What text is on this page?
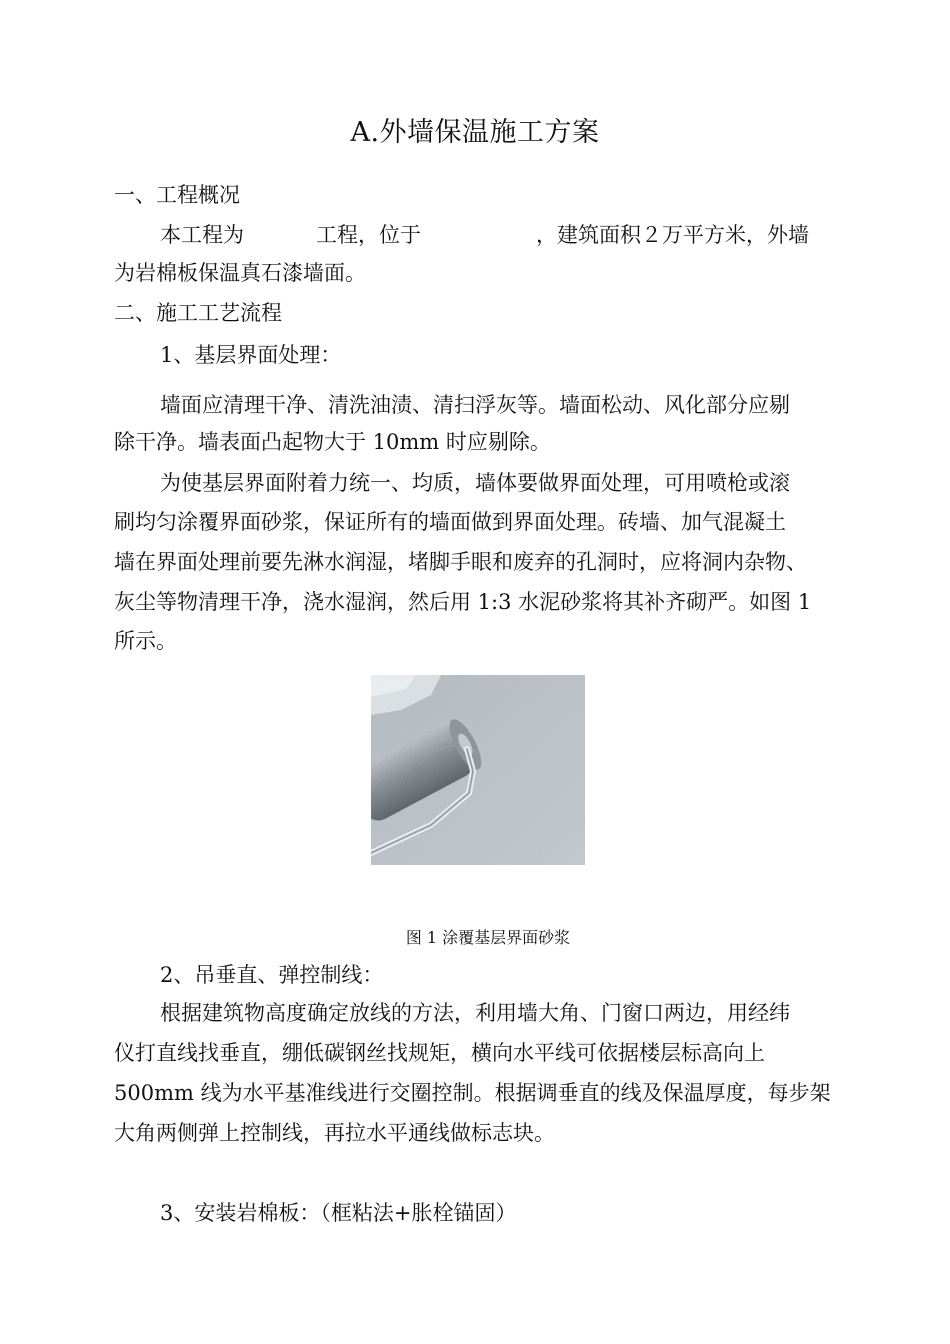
A.外墙保温施工方案
一、工程概况
本工程为	工程，位于	，建筑面积２万平方米，外墙
为岩棉板保温真石漆墙面。
二、施工工艺流程
1、基层界面处理：
墙面应清理干净、清洗油渍、清扫浮灰等。墙面松动、风化部分应剔
除干净。墙表面凸起物大于 10mm 时应剔除。
为使基层界面附着力统一、均质，墙体要做界面处理，可用喷枪或滚
刷均匀涂覆界面砂浆，保证所有的墙面做到界面处理。砖墙、加气混凝土
墙在界面处理前要先淋水润湿，堵脚手眼和废弃的孔洞时，应将洞内杂物、
灰尘等物清理干净，浇水湿润，然后用 1:3 水泥砂浆将其补齐砌严。如图 1
所示。
图 1 涂覆基层界面砂浆
2、吊垂直、弹控制线：
根据建筑物高度确定放线的方法，利用墙大角、门窗口两边，用经纬
仪打直线找垂直，绷低碳钢丝找规矩，横向水平线可依据楼层标高向上
500mm 线为水平基准线进行交圈控制。根据调垂直的线及保温厚度，每步架
大角两侧弹上控制线，再拉水平通线做标志块。
3、安装岩棉板：（框粘法+胀栓锚固）
